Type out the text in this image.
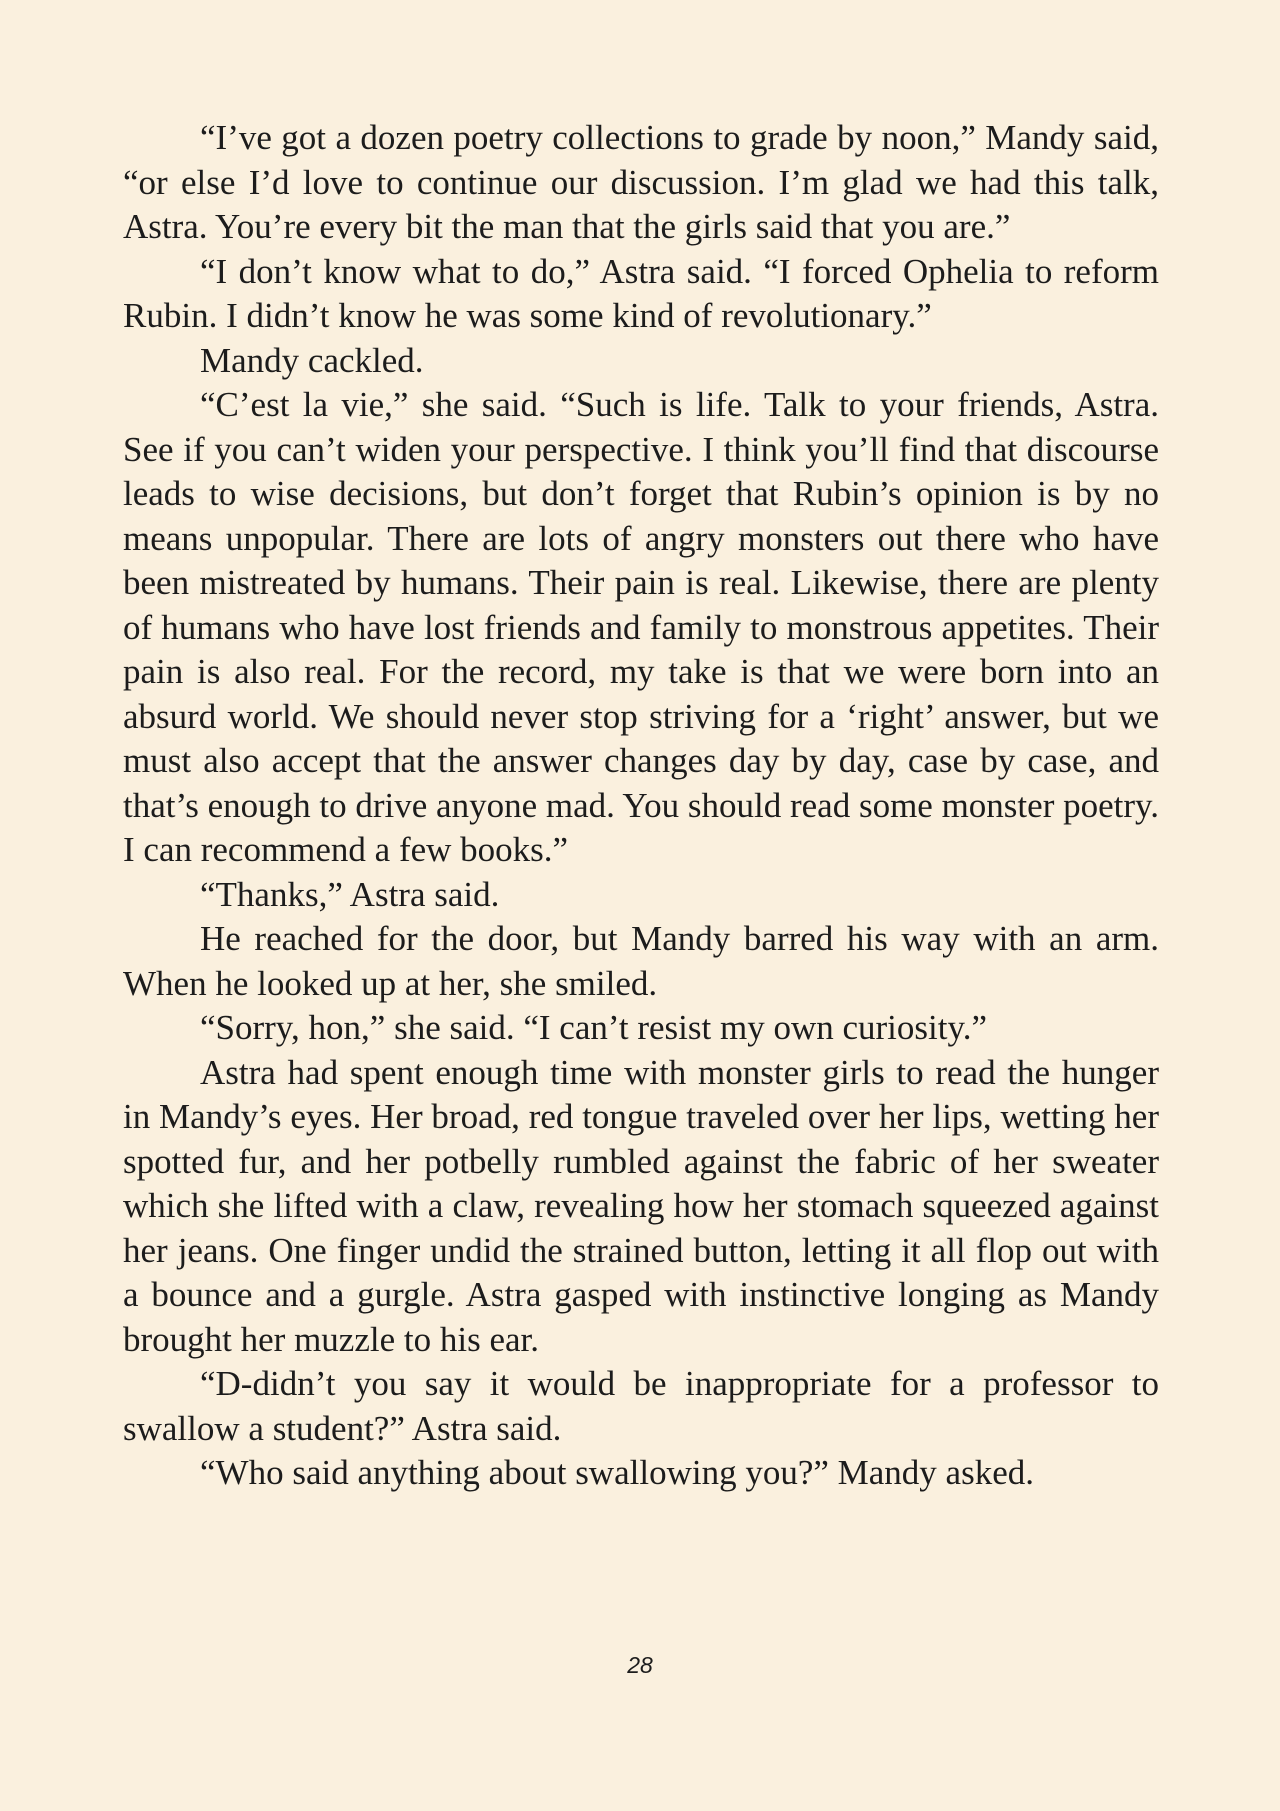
“I’ve got a dozen poetry collections to grade by noon,” Mandy said, “or else I’d love to continue our discussion. I’m glad we had this talk, Astra. You’re every bit the man that the girls said that you are.”

“I don’t know what to do,” Astra said. “I forced Ophelia to reform Rubin. I didn’t know he was some kind of revolutionary.”

Mandy cackled.

“C’est la vie,” she said. “Such is life. Talk to your friends, Astra. See if you can’t widen your perspective. I think you’ll find that discourse leads to wise decisions, but don’t forget that Rubin’s opinion is by no means unpopular. There are lots of angry monsters out there who have been mistreated by humans. Their pain is real. Likewise, there are plenty of humans who have lost friends and family to monstrous appetites. Their pain is also real. For the record, my take is that we were born into an absurd world. We should never stop striving for a ‘right’ answer, but we must also accept that the answer changes day by day, case by case, and that’s enough to drive anyone mad. You should read some monster poetry. I can recommend a few books.”

“Thanks,” Astra said.

He reached for the door, but Mandy barred his way with an arm. When he looked up at her, she smiled.

“Sorry, hon,” she said. “I can’t resist my own curiosity.”

Astra had spent enough time with monster girls to read the hunger in Mandy’s eyes. Her broad, red tongue traveled over her lips, wetting her spotted fur, and her potbelly rumbled against the fabric of her sweater which she lifted with a claw, revealing how her stomach squeezed against her jeans. One finger undid the strained button, letting it all flop out with a bounce and a gurgle. Astra gasped with instinctive longing as Mandy brought her muzzle to his ear.

“D-didn’t you say it would be inappropriate for a professor to swallow a student?” Astra said.

“Who said anything about swallowing you?” Mandy asked.

28
